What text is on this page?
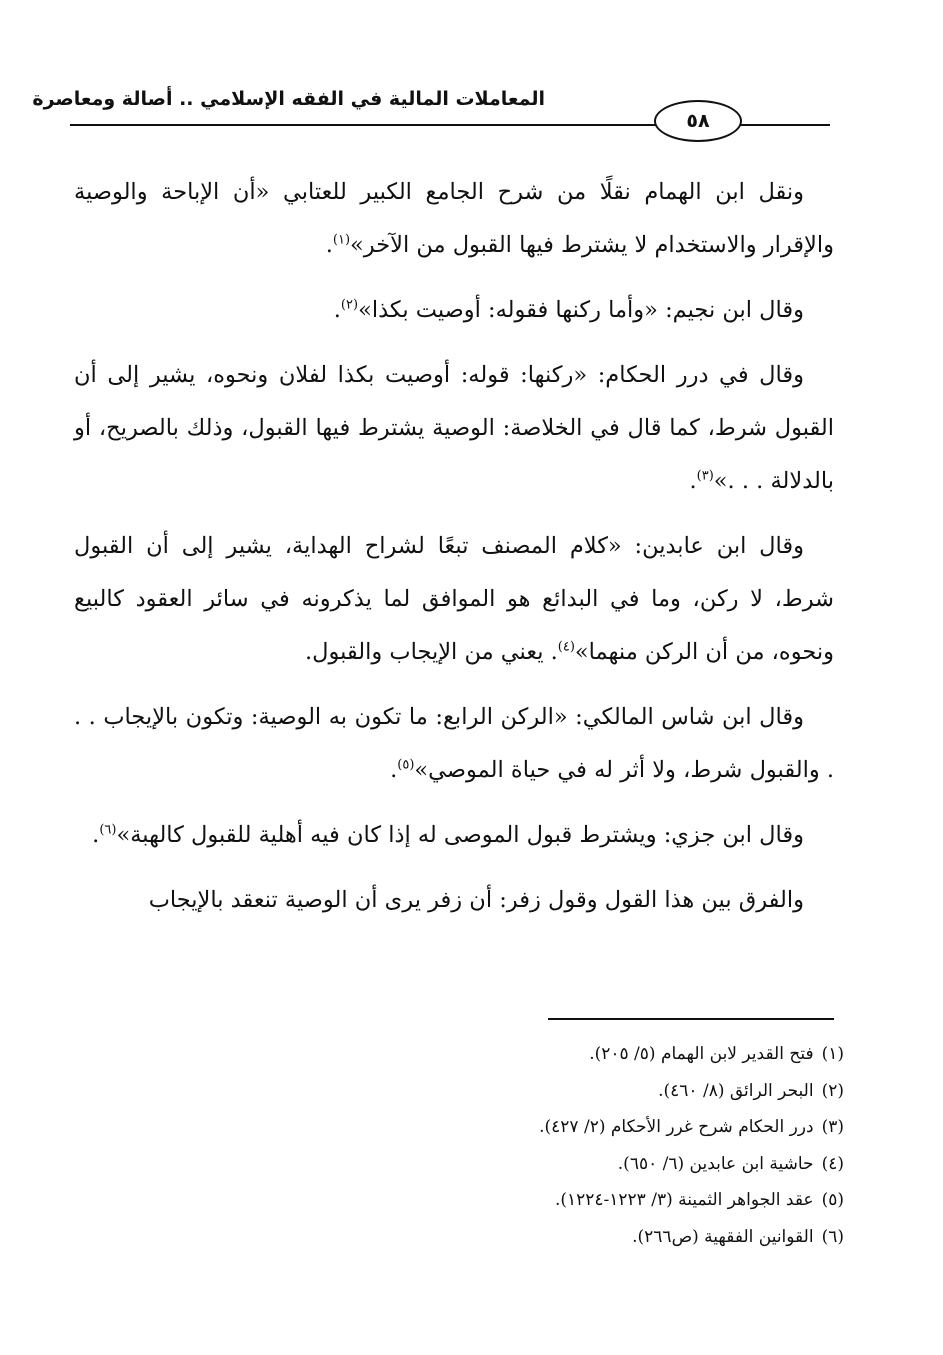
المعاملات المالية في الفقه الإسلامي .. أصالة ومعاصرة
٥٨

ونقل ابن الهمام نقلًا من شرح الجامع الكبير للعتابي «أن الإباحة والوصية والإقرار والاستخدام لا يشترط فيها القبول من الآخر»$^{(١)}$.

وقال ابن نجيم: «وأما ركنها فقوله: أوصيت بكذا»$^{(٢)}$.

وقال في درر الحكام: «ركنها: قوله: أوصيت بكذا لفلان ونحوه، يشير إلى أن القبول شرط، كما قال في الخلاصة: الوصية يشترط فيها القبول، وذلك بالصريح، أو بالدلالة . . .»$^{(٣)}$.

وقال ابن عابدين: «كلام المصنف تبعًا لشراح الهداية، يشير إلى أن القبول شرط، لا ركن، وما في البدائع هو الموافق لما يذكرونه في سائر العقود كالبيع ونحوه، من أن الركن منهما»$^{(٤)}$. يعني من الإيجاب والقبول.

وقال ابن شاس المالكي: «الركن الرابع: ما تكون به الوصية: وتكون بالإيجاب . . . والقبول شرط، ولا أثر له في حياة الموصي»$^{(٥)}$.

وقال ابن جزي: ويشترط قبول الموصى له إذا كان فيه أهلية للقبول كالهبة»$^{(٦)}$.

والفرق بين هذا القول وقول زفر: أن زفر يرى أن الوصية تنعقد بالإيجاب

(١)فتح القدير لابن الهمام (٥/ ٢٠٥).

(٢)البحر الرائق (٨/ ٤٦٠).

(٣)درر الحكام شرح غرر الأحكام (٢/ ٤٢٧).

(٤)حاشية ابن عابدين (٦/ ٦٥٠).

(٥)عقد الجواهر الثمينة (٣/ ١٢٢٣-١٢٢٤).

(٦)القوانين الفقهية (ص٢٦٦).
